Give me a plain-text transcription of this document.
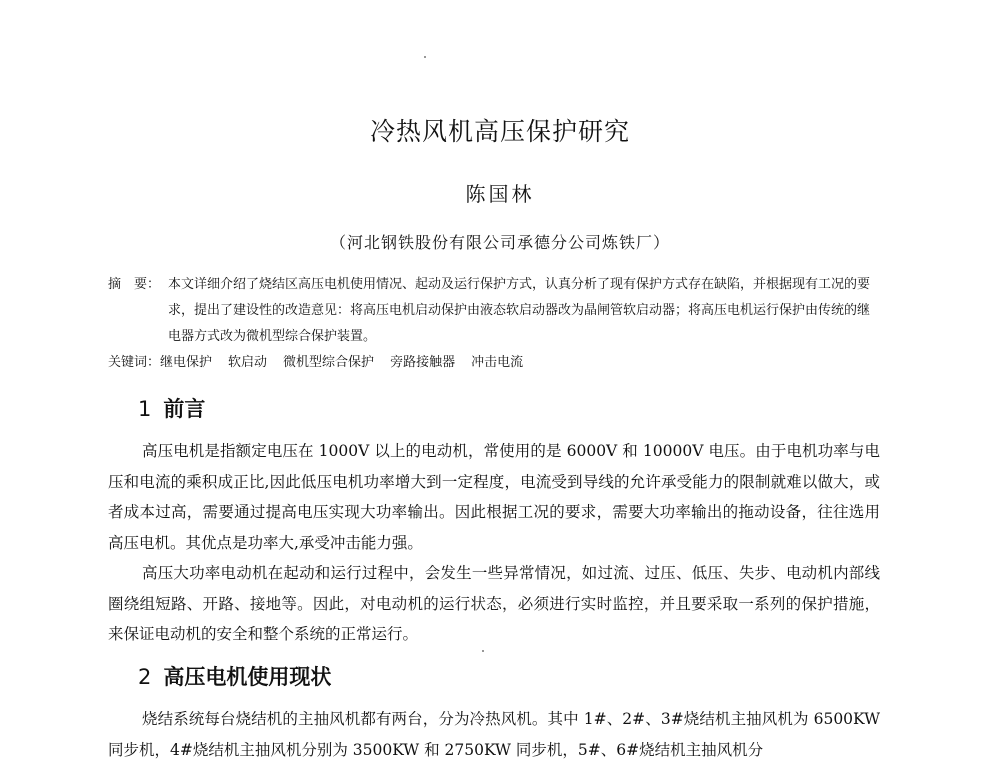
冷热风机高压保护研究
陈国林
（河北钢铁股份有限公司承德分公司炼铁厂）
摘　要： 本文详细介绍了烧结区高压电机使用情况、起动及运行保护方式，认真分析了现有保护方式存在缺陷，并根据现有工况的要求，提出了建设性的改造意见：将高压电机启动保护由液态软启动器改为晶闸管软启动器；将高压电机运行保护由传统的继电器方式改为微机型综合保护装置。
关键词： 继电保护 软启动 微机型综合保护 旁路接触器 冲击电流
1 前言
高压电机是指额定电压在 1000V 以上的电动机，常使用的是 6000V 和 10000V 电压。由于电机功率与电压和电流的乘积成正比,因此低压电机功率增大到一定程度，电流受到导线的允许承受能力的限制就难以做大，或者成本过高，需要通过提高电压实现大功率输出。因此根据工况的要求，需要大功率输出的拖动设备，往往选用高压电机。其优点是功率大,承受冲击能力强。
高压大功率电动机在起动和运行过程中，会发生一些异常情况，如过流、过压、低压、失步、电动机内部线圈绕组短路、开路、接地等。因此，对电动机的运行状态，必须进行实时监控，并且要采取一系列的保护措施，来保证电动机的安全和整个系统的正常运行。
2 高压电机使用现状
烧结系统每台烧结机的主抽风机都有两台，分为冷热风机。其中 1#、2#、3#烧结机主抽风机为 6500KW 同步机，4#烧结机主抽风机分别为 3500KW 和 2750KW 同步机，5#、6#烧结机主抽风机分
